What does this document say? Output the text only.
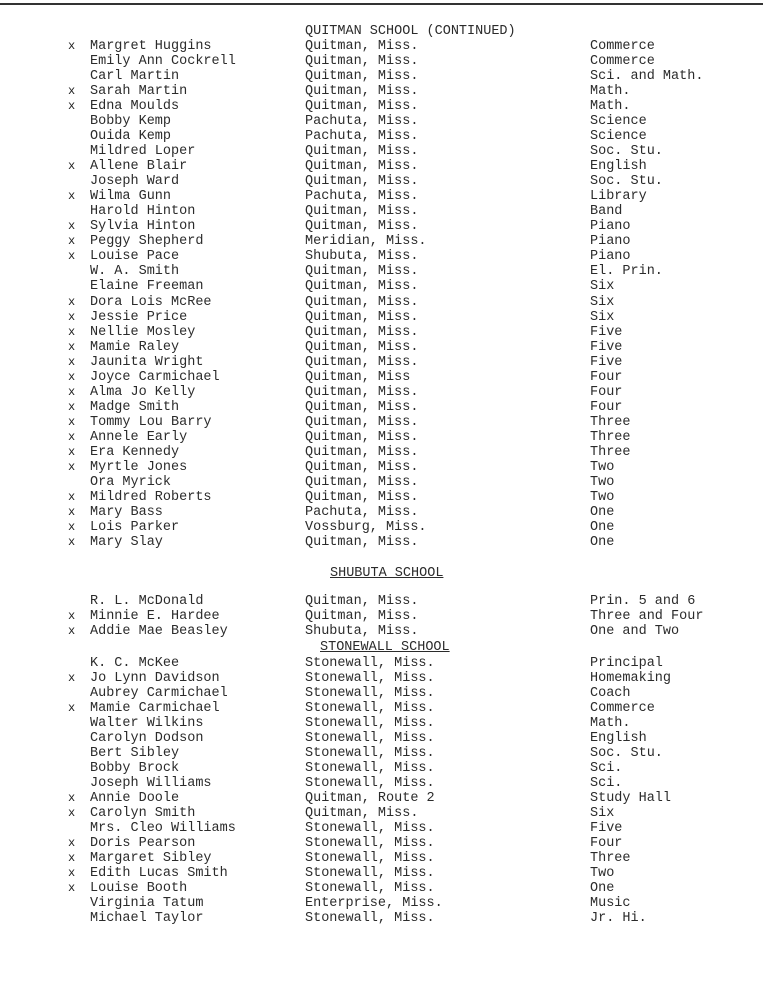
QUITMAN SCHOOL (CONTINUED)
x	Margret Huggins	Quitman, Miss.	Commerce
Emily Ann Cockrell	Quitman, Miss.	Commerce
Carl Martin	Quitman, Miss.	Sci. and Math.
x	Sarah Martin	Quitman, Miss.	Math.
x	Edna Moulds	Quitman, Miss.	Math.
Bobby Kemp	Pachuta, Miss.	Science
Ouida Kemp	Pachuta, Miss.	Science
Mildred Loper	Quitman, Miss.	Soc. Stu.
x	Allene Blair	Quitman, Miss.	English
Joseph Ward	Quitman, Miss.	Soc. Stu.
x	Wilma Gunn	Pachuta, Miss.	Library
Harold Hinton	Quitman, Miss.	Band
x	Sylvia Hinton	Quitman, Miss.	Piano
x	Peggy Shepherd	Meridian, Miss.	Piano
x	Louise Pace	Shubuta, Miss.	Piano
W. A. Smith	Quitman, Miss.	El. Prin.
Elaine Freeman	Quitman, Miss.	Six
x	Dora Lois McRee	Quitman, Miss.	Six
x	Jessie Price	Quitman, Miss.	Six
x	Nellie Mosley	Quitman, Miss.	Five
x	Mamie Raley	Quitman, Miss.	Five
x	Jaunita Wright	Quitman, Miss.	Five
x	Joyce Carmichael	Quitman, Miss	Four
x	Alma Jo Kelly	Quitman, Miss.	Four
x	Madge Smith	Quitman, Miss.	Four
x	Tommy Lou Barry	Quitman, Miss.	Three
x	Annele Early	Quitman, Miss.	Three
x	Era Kennedy	Quitman, Miss.	Three
x	Myrtle Jones	Quitman, Miss.	Two
Ora Myrick	Quitman, Miss.	Two
x	Mildred Roberts	Quitman, Miss.	Two
x	Mary Bass	Pachuta, Miss.	One
x	Lois Parker	Vossburg, Miss.	One
x	Mary Slay	Quitman, Miss.	One
SHUBUTA SCHOOL
R. L. McDonald	Quitman, Miss.	Prin. 5 and 6
x	Minnie E. Hardee	Quitman, Miss.	Three and Four
x	Addie Mae Beasley	Shubuta, Miss.	One and Two
STONEWALL SCHOOL
K. C. McKee	Stonewall, Miss.	Principal
x	Jo Lynn Davidson	Stonewall, Miss.	Homemaking
Aubrey Carmichael	Stonewall, Miss.	Coach
x	Mamie Carmichael	Stonewall, Miss.	Commerce
Walter Wilkins	Stonewall, Miss.	Math.
Carolyn Dodson	Stonewall, Miss.	English
Bert Sibley	Stonewall, Miss.	Soc. Stu.
Bobby Brock	Stonewall, Miss.	Sci.
Joseph Williams	Stonewall, Miss.	Sci.
x	Annie Doole	Quitman, Route 2	Study Hall
x	Carolyn Smith	Quitman, Miss.	Six
Mrs. Cleo Williams	Stonewall, Miss.	Five
x	Doris Pearson	Stonewall, Miss.	Four
x	Margaret Sibley	Stonewall, Miss.	Three
x	Edith Lucas Smith	Stonewall, Miss.	Two
x	Louise Booth	Stonewall, Miss.	One
Virginia Tatum	Enterprise, Miss.	Music
Michael Taylor	Stonewall, Miss.	Jr. Hi.
